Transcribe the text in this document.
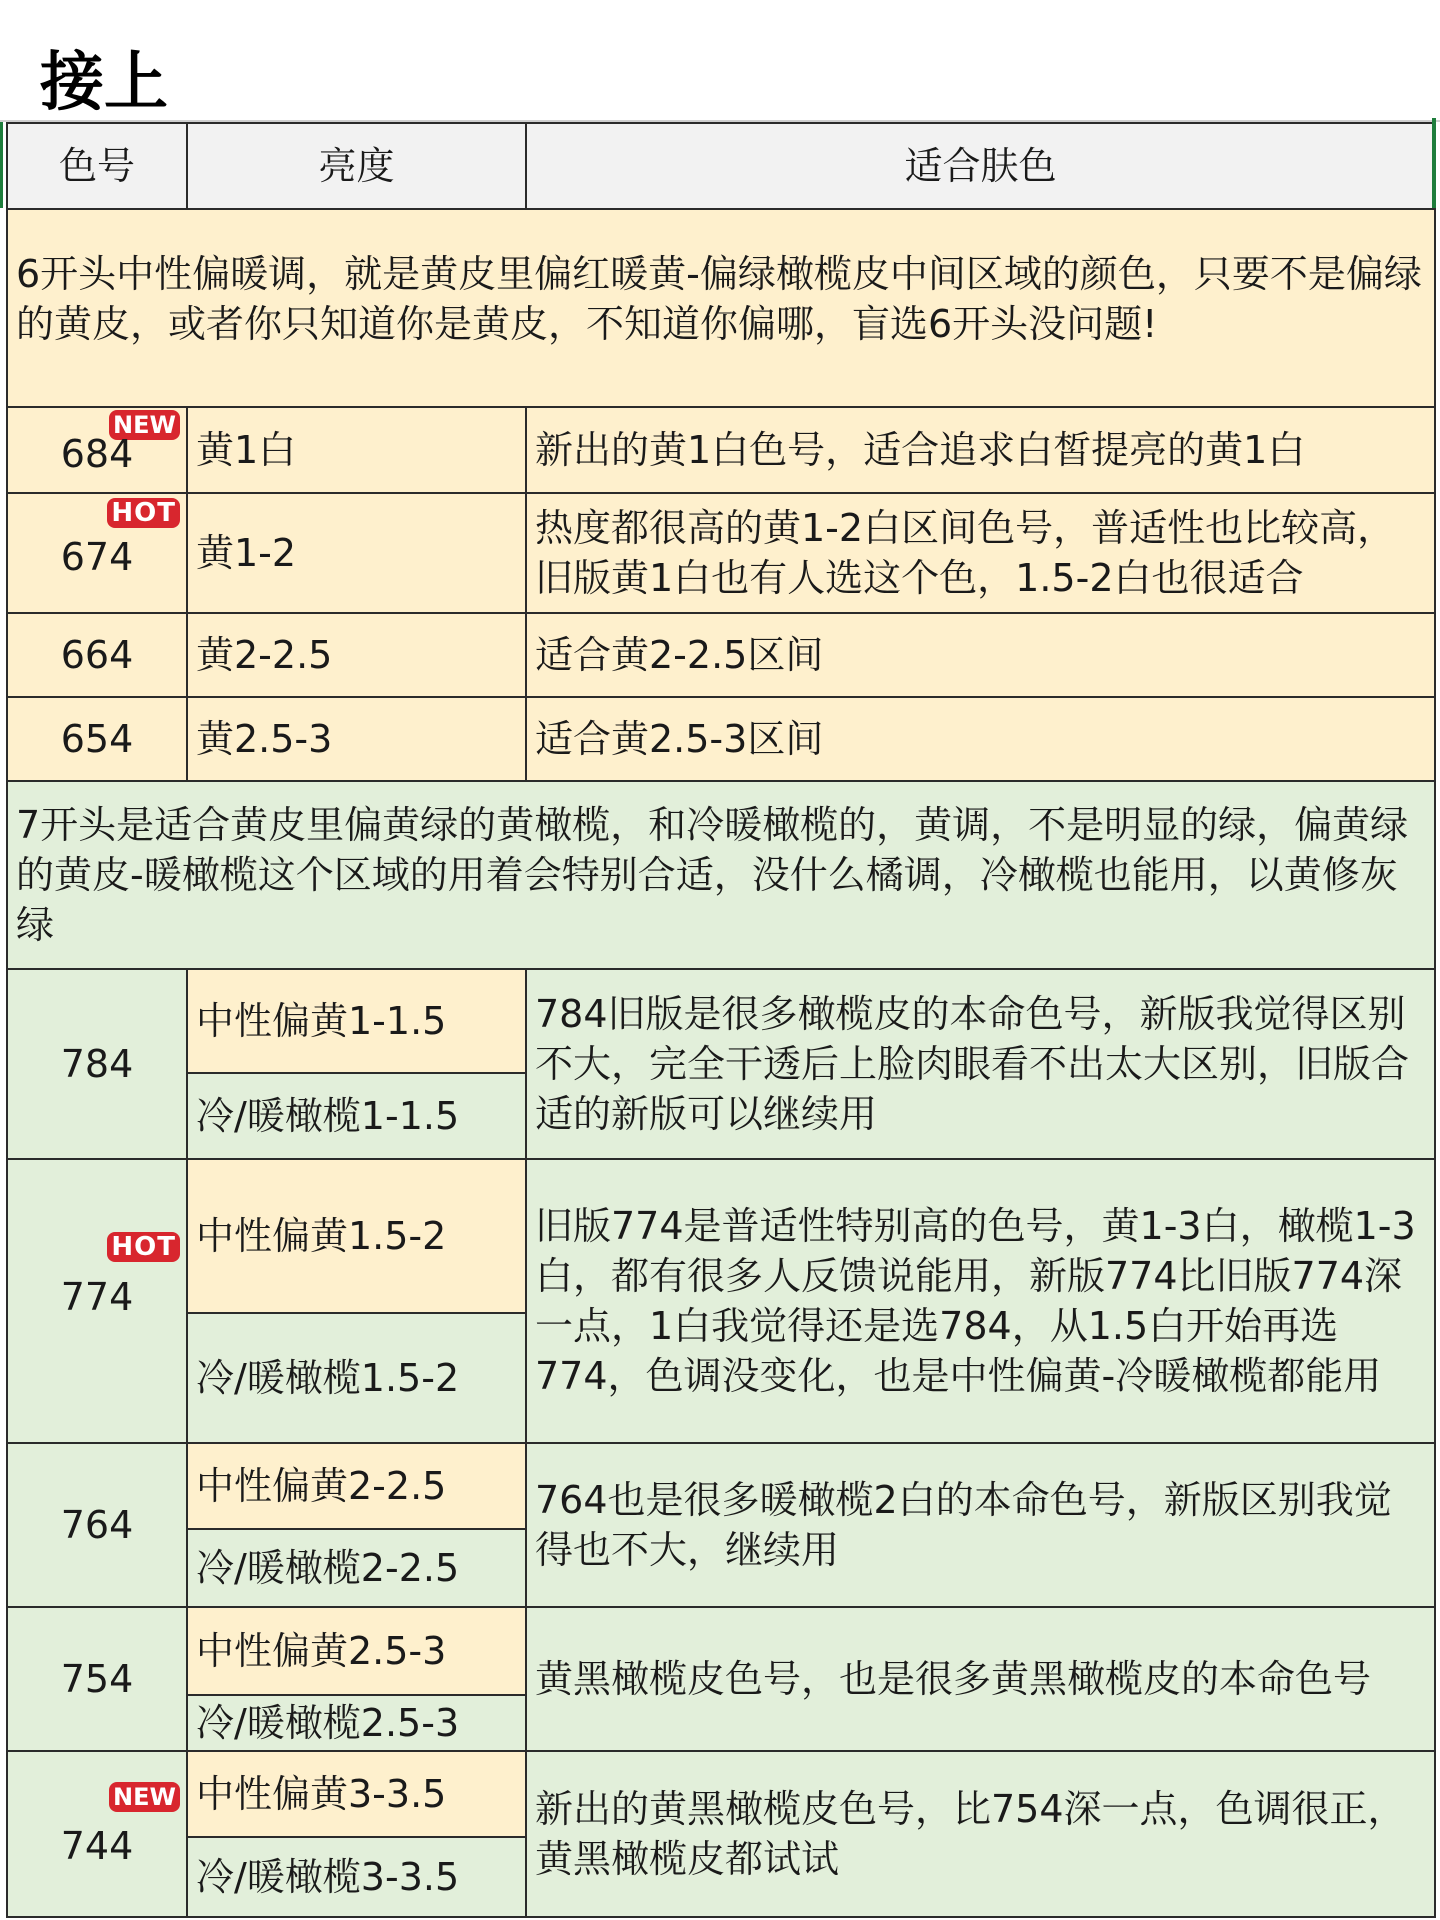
接上
色号	亮度	适合肤色
6开头中性偏暖调，就是黄皮里偏红暖黄-偏绿橄榄皮中间区域的颜色，只要不是偏绿的黄皮，或者你只知道你是黄皮，不知道你偏哪，盲选6开头没问题!		

NEW
684	黄1白	新出的黄1白色号，适合追求白皙提亮的黄1白

HOT
674	黄1-2	热度都很高的黄1-2白区间色号，普适性也比较高，旧版黄1白也有人选这个色，1.5-2白也很适合
664	黄2-2.5	适合黄2-2.5区间
654	黄2.5-3	适合黄2.5-3区间
7开头是适合黄皮里偏黄绿的黄橄榄，和冷暖橄榄的，黄调，不是明显的绿，偏黄绿的黄皮-暖橄榄这个区域的用着会特别合适，没什么橘调，冷橄榄也能用，以黄修灰绿		
784	中性偏黄1-1.5	784旧版是很多橄榄皮的本命色号，新版我觉得区别不大，完全干透后上脸肉眼看不出太大区别，旧版合适的新版可以继续用
	冷/暖橄榄1-1.5	

HOT
774	中性偏黄1.5-2	旧版774是普适性特别高的色号，黄1-3白，橄榄1-3白，都有很多人反馈说能用，新版774比旧版774深一点，1白我觉得还是选784，从1.5白开始再选774，色调没变化，也是中性偏黄-冷暖橄榄都能用
	冷/暖橄榄1.5-2	
764	中性偏黄2-2.5	764也是很多暖橄榄2白的本命色号，新版区别我觉得也不大，继续用
	冷/暖橄榄2-2.5	
754	中性偏黄2.5-3	黄黑橄榄皮色号，也是很多黄黑橄榄皮的本命色号
	冷/暖橄榄2.5-3	

NEW
744	中性偏黄3-3.5	新出的黄黑橄榄皮色号，比754深一点，色调很正，黄黑橄榄皮都试试
	冷/暖橄榄3-3.5	
